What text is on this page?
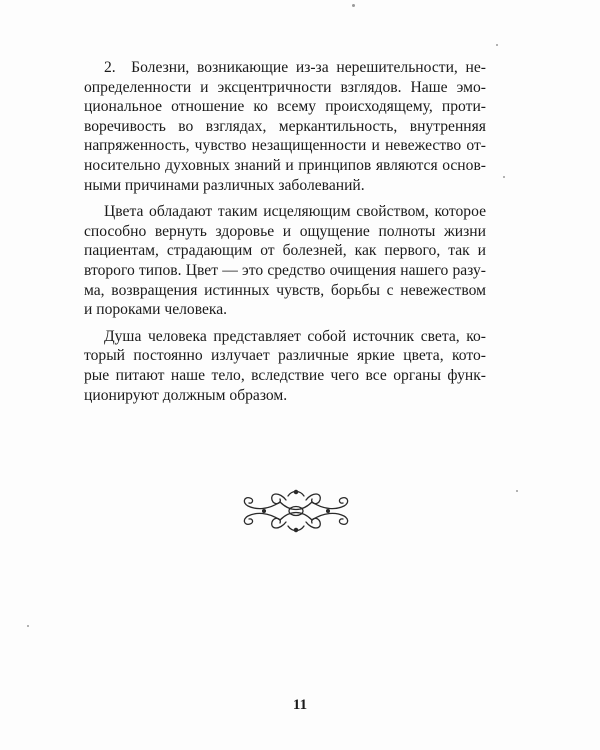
2.  Болезни, возникающие из-за нерешительности, не-
определенности и эксцентричности взглядов. Наше эмо-
циональное отношение ко всему происходящему, проти-
воречивость во взглядах, меркантильность, внутренняя
напряженность, чувство незащищенности и невежество от-
носительно духовных знаний и принципов являются основ-
ными причинами различных заболеваний.

Цвета обладают таким исцеляющим свойством, которое
способно вернуть здоровье и ощущение полноты жизни
пациентам, страдающим от болезней, как первого, так и
второго типов. Цвет — это средство очищения нашего разу-
ма, возвращения истинных чувств, борьбы с невежеством
и пороками человека.

Душа человека представляет собой источник света, ко-
торый постоянно излучает различные яркие цвета, кото-
рые питают наше тело, вследствие чего все органы функ-
ционируют должным образом.

11
